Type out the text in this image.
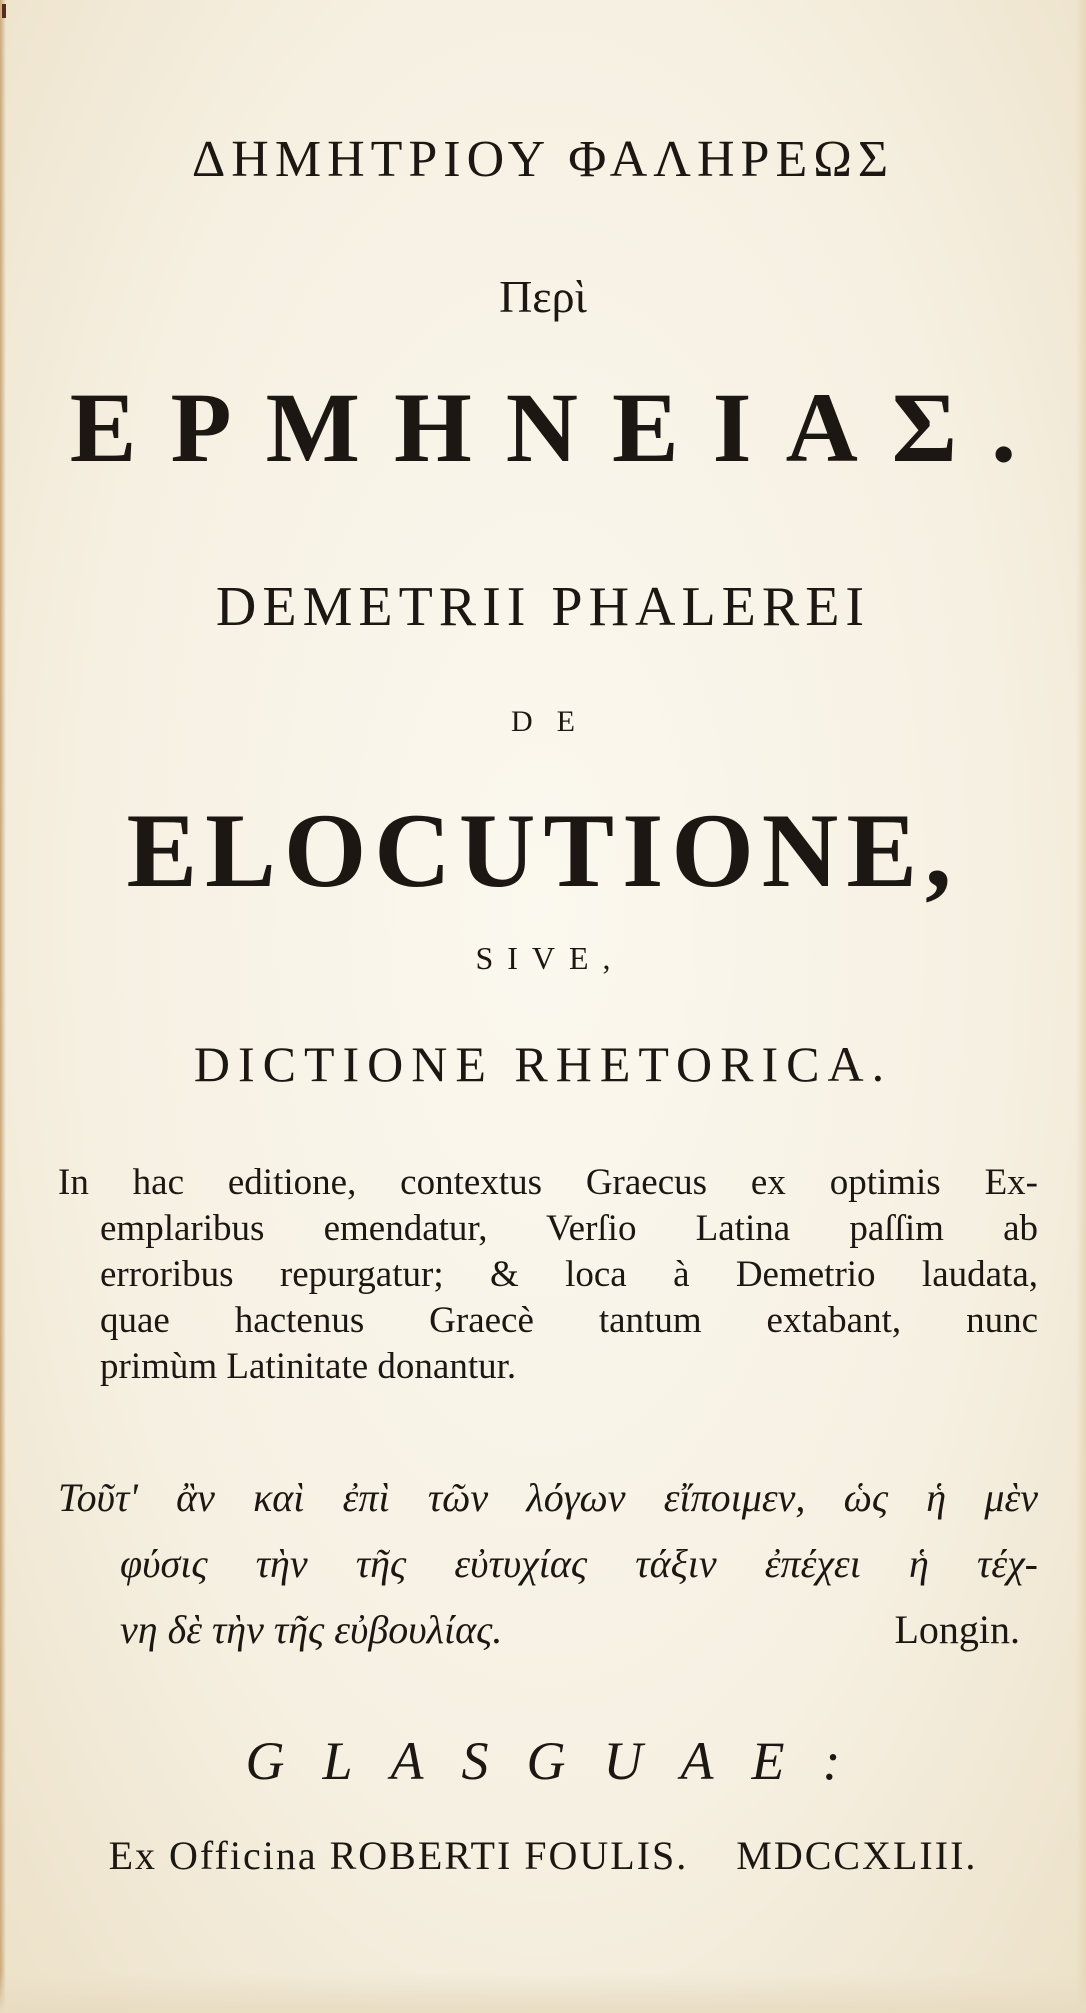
ΔΗΜΗΤΡΙΟΥ ΦΑΛΗΡΕΩΣ
Περὶ
ΕΡΜΗΝΕΙΑΣ.
DEMETRII PHALEREI
DE
ELOCUTIONE,
SIVE,
DICTIONE RHETORICA.
In hac editione, contextus Graecus ex optimis Ex-
emplaribus emendatur, Verſio Latina paſſim ab
erroribus repurgatur; & loca à Demetrio laudata,
quae hactenus Graecè tantum extabant, nunc
primùm Latinitate donantur.
Τοῦτ' ἂν καὶ ἐπὶ τῶν λόγων εἴποιμεν, ὡς ἡ μὲν
φύσις τὴν τῆς εὐτυχίας τάξιν ἐπέχει ἡ τέχ-
νη δὲ τὴν τῆς εὐβουλίας.	Longin.
GLASGUAE:
Ex Officina ROBERTI FOULIS. MDCCXLIII.
